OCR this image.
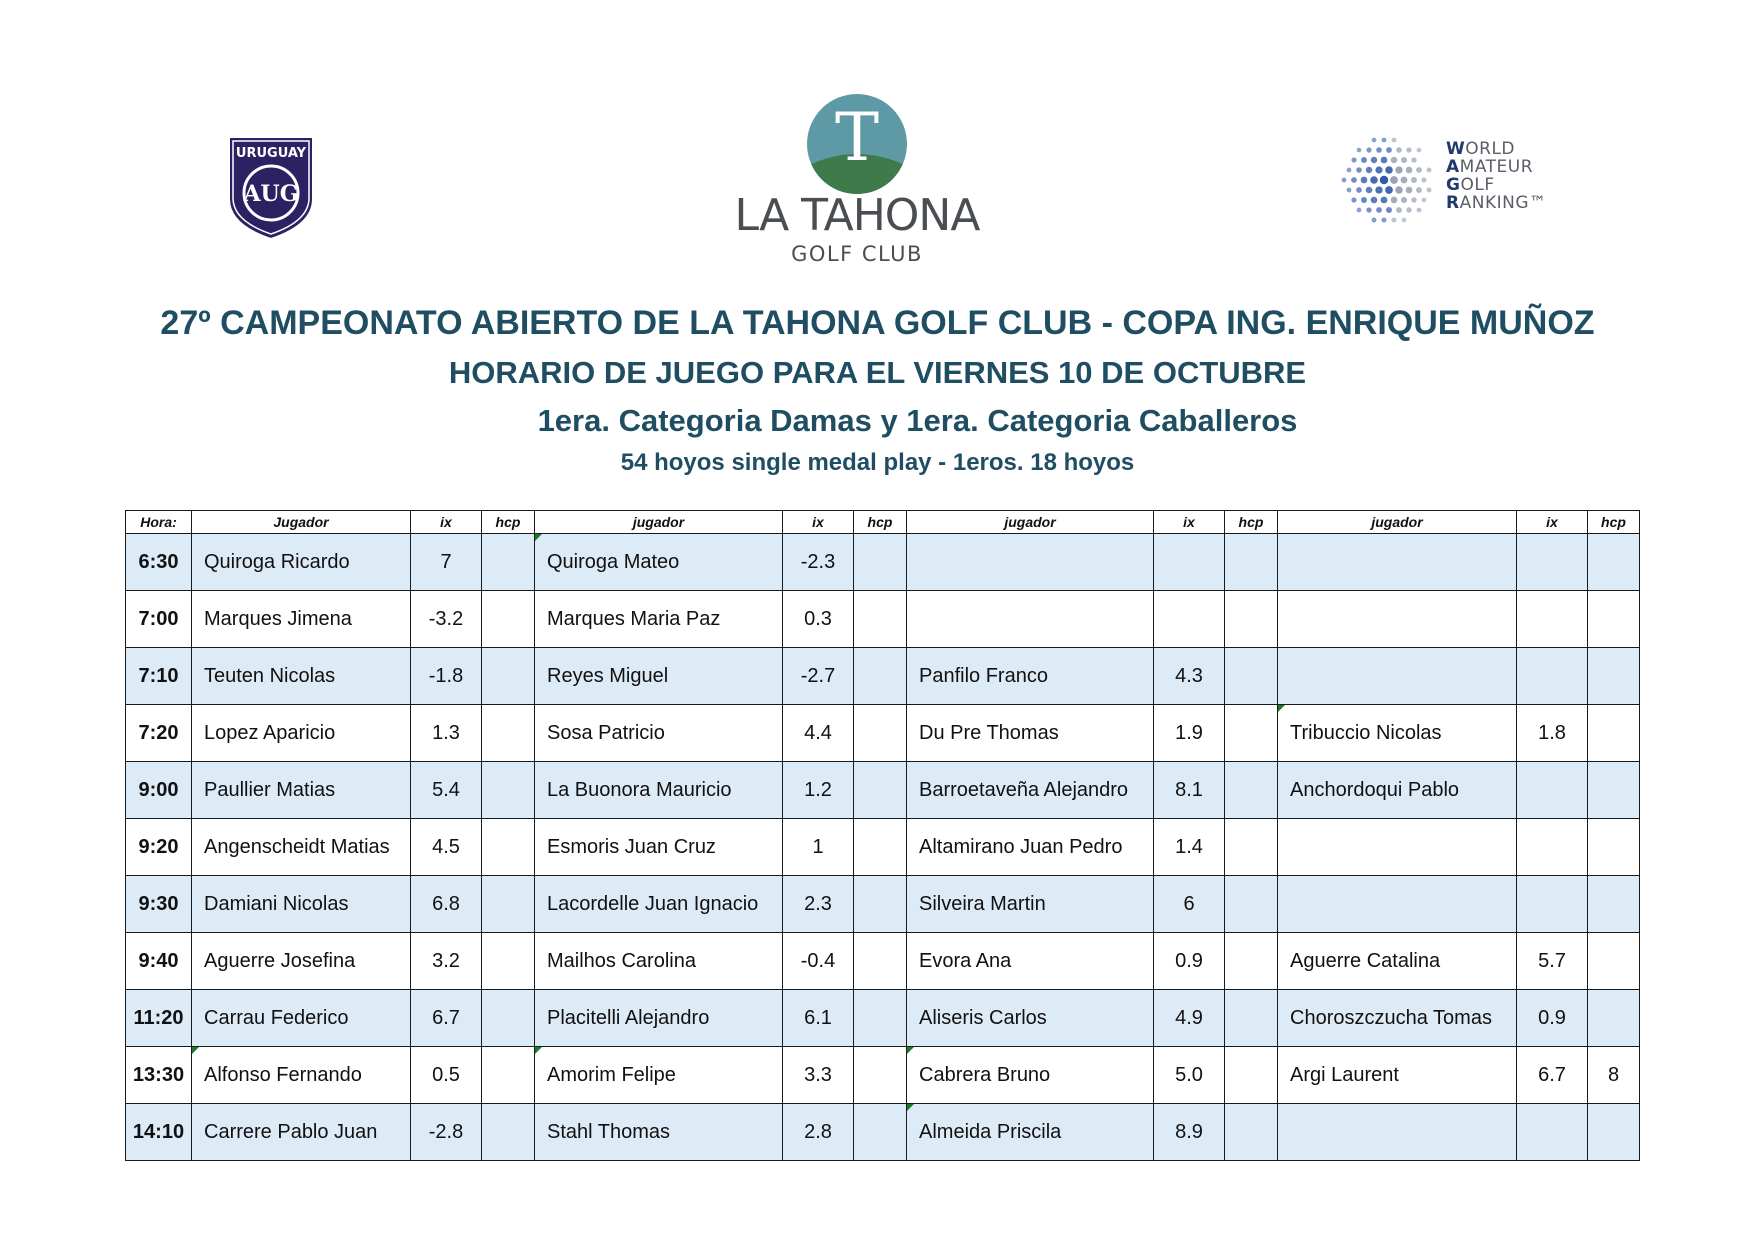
URUGUAY
AUG
T
LA TAHONA
GOLF CLUB
WORLD
AMATEUR
GOLF
RANKING™
27º CAMPEONATO ABIERTO DE LA TAHONA GOLF CLUB - COPA ING. ENRIQUE MUÑOZ
HORARIO DE JUEGO PARA EL VIERNES 10 DE OCTUBRE
1era. Categoria Damas y 1era. Categoria Caballeros
54 hoyos single medal play - 1eros. 18 hoyos
Hora:	Jugador	ix	hcp	jugador	ix	hcp	jugador	ix	hcp	jugador	ix	hcp
6:30	Quiroga Ricardo	7		Quiroga Mateo	-2.3							
7:00	Marques Jimena	-3.2		Marques Maria Paz	0.3							
7:10	Teuten Nicolas	-1.8		Reyes Miguel	-2.7		Panfilo Franco	4.3				
7:20	Lopez Aparicio	1.3		Sosa Patricio	4.4		Du Pre Thomas	1.9		Tribuccio Nicolas	1.8	
9:00	Paullier Matias	5.4		La Buonora Mauricio	1.2		Barroetaveña Alejandro	8.1		Anchordoqui Pablo		
9:20	Angenscheidt Matias	4.5		Esmoris Juan Cruz	1		Altamirano Juan Pedro	1.4				
9:30	Damiani Nicolas	6.8		Lacordelle Juan Ignacio	2.3		Silveira Martin	6				
9:40	Aguerre Josefina	3.2		Mailhos Carolina	-0.4		Evora Ana	0.9		Aguerre Catalina	5.7	
11:20	Carrau Federico	6.7		Placitelli Alejandro	6.1		Aliseris Carlos	4.9		Choroszczucha Tomas	0.9	
13:30	Alfonso Fernando	0.5		Amorim Felipe	3.3		Cabrera Bruno	5.0		Argi Laurent	6.7	8
14:10	Carrere Pablo Juan	-2.8		Stahl Thomas	2.8		Almeida Priscila	8.9				
